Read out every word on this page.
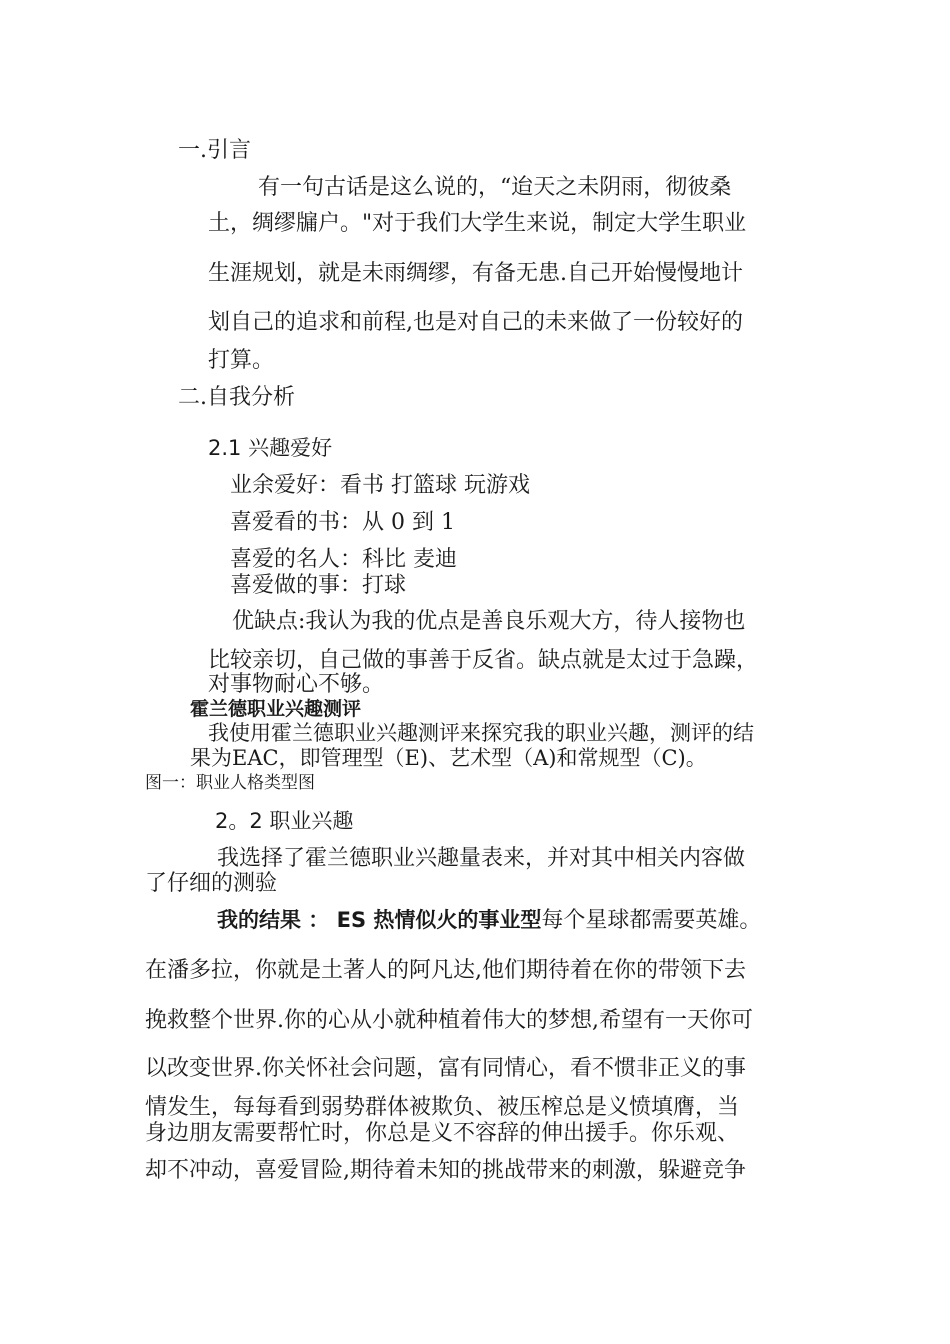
一.引言
有一句古话是这么说的，“迨天之未阴雨，彻彼桑
土，绸缪牖户。"对于我们大学生来说，制定大学生职业
生涯规划，就是未雨绸缪，有备无患.自己开始慢慢地计
划自己的追求和前程,也是对自己的未来做了一份较好的
打算。
二.自我分析
2.1 兴趣爱好
业余爱好：看书 打篮球 玩游戏
喜爱看的书：从 0 到 1
喜爱的名人：科比 麦迪
喜爱做的事：打球
优缺点:我认为我的优点是善良乐观大方，待人接物也
比较亲切，自己做的事善于反省。缺点就是太过于急躁，
对事物耐心不够。
霍兰德职业兴趣测评
我使用霍兰德职业兴趣测评来探究我的职业兴趣，测评的结
果为EAC，即管理型（E)、艺术型（A)和常规型（C)。
图一：职业人格类型图
2。2 职业兴趣
我选择了霍兰德职业兴趣量表来，并对其中相关内容做
了仔细的测验
我的结果 ： ES 热情似火的事业型每个星球都需要英雄。
在潘多拉，你就是土著人的阿凡达,他们期待着在你的带领下去
挽救整个世界.你的心从小就种植着伟大的梦想,希望有一天你可
以改变世界.你关怀社会问题，富有同情心，看不惯非正义的事
情发生，每每看到弱势群体被欺负、被压榨总是义愤填膺，当
身边朋友需要帮忙时，你总是义不容辞的伸出援手。你乐观、
却不冲动，喜爱冒险,期待着未知的挑战带来的刺激，躲避竞争
